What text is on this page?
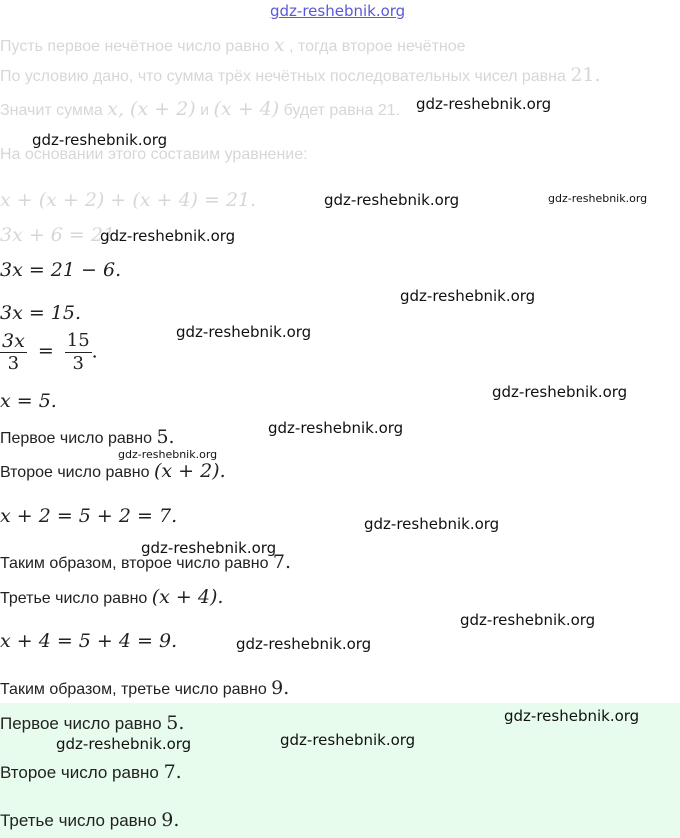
Пусть первое нечётное число равно x , тогда второе нечётное
По условию дано, что сумма трёх нечётных последовательных чисел равна 21.
Значит сумма x, (x + 2) и (x + 4) будет равна 21.
На основании этого составим уравнение:
x + (x + 2) + (x + 4) = 21.
3x + 6 = 21.
3x = 21 − 6.
3x = 15.
$\frac{3x}{3} = \frac{15}{3}$ .
x = 5.
Первое число равно 5.
Второе число равно (x + 2).
x + 2 = 5 + 2 = 7.
Таким образом, второе число равно 7.
Третье число равно (x + 4).
x + 4 = 5 + 4 = 9.
Таким образом, третье число равно 9.
Первое число равно 5.
Второе число равно 7.
Третье число равно 9.
gdz-reshebnik.org
gdz-reshebnik.org
gdz-reshebnik.org
gdz-reshebnik.org	gdz-reshebnik.org
gdz-reshebnik.org
gdz-reshebnik.org
gdz-reshebnik.org
gdz-reshebnik.org
gdz-reshebnik.org
gdz-reshebnik.org
gdz-reshebnik.org
gdz-reshebnik.org
gdz-reshebnik.org
gdz-reshebnik.org
gdz-reshebnik.org
gdz-reshebnik.org	gdz-reshebnik.org
